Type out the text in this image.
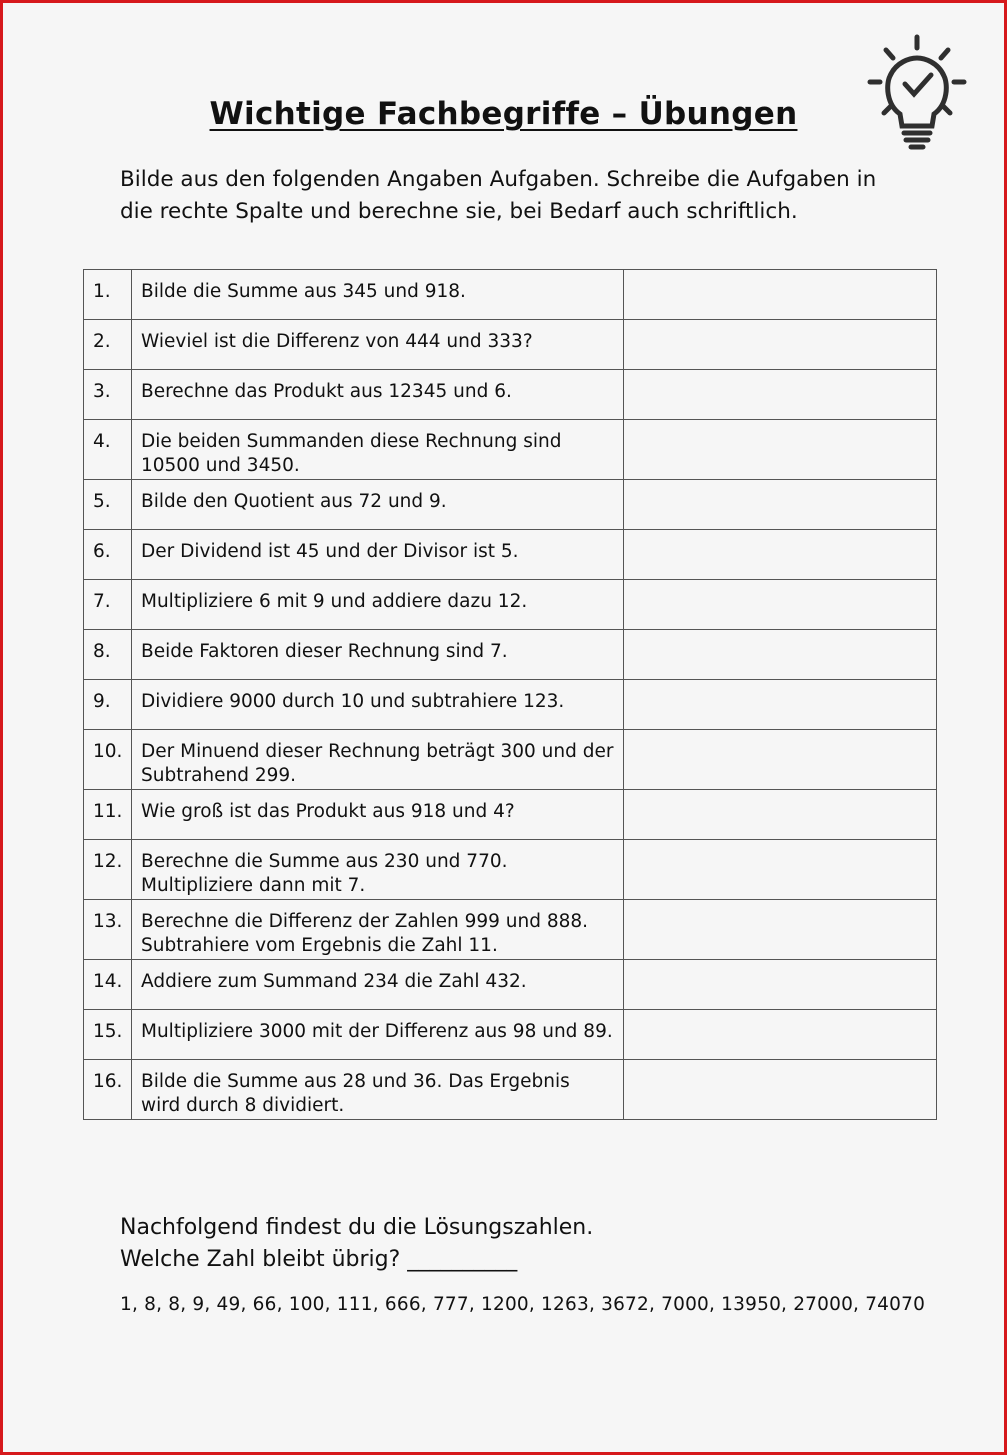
Wichtige Fachbegriffe – Übungen
Bilde aus den folgenden Angaben Aufgaben. Schreibe die Aufgaben in
die rechte Spalte und berechne sie, bei Bedarf auch schriftlich.
1.	Bilde die Summe aus 345 und 918.	
2.	Wieviel ist die Differenz von 444 und 333?	
3.	Berechne das Produkt aus 12345 und 6.	
4.	Die beiden Summanden diese Rechnung sind 10500 und 3450.	
5.	Bilde den Quotient aus 72 und 9.	
6.	Der Dividend ist 45 und der Divisor ist 5.	
7.	Multipliziere 6 mit 9 und addiere dazu 12.	
8.	Beide Faktoren dieser Rechnung sind 7.	
9.	Dividiere 9000 durch 10 und subtrahiere 123.	
10.	Der Minuend dieser Rechnung beträgt 300 und der Subtrahend 299.	
11.	Wie groß ist das Produkt aus 918 und 4?	
12.	Berechne die Summe aus 230 und 770. Multipliziere dann mit 7.	
13.	Berechne die Differenz der Zahlen 999 und 888. Subtrahiere vom Ergebnis die Zahl 11.	
14.	Addiere zum Summand 234 die Zahl 432.	
15.	Multipliziere 3000 mit der Differenz aus 98 und 89.	
16.	Bilde die Summe aus 28 und 36. Das Ergebnis wird durch 8 dividiert.	
Nachfolgend findest du die Lösungszahlen.
Welche Zahl bleibt übrig? __________
1, 8, 8, 9, 49, 66, 100, 111, 666, 777, 1200, 1263, 3672, 7000, 13950, 27000, 74070
